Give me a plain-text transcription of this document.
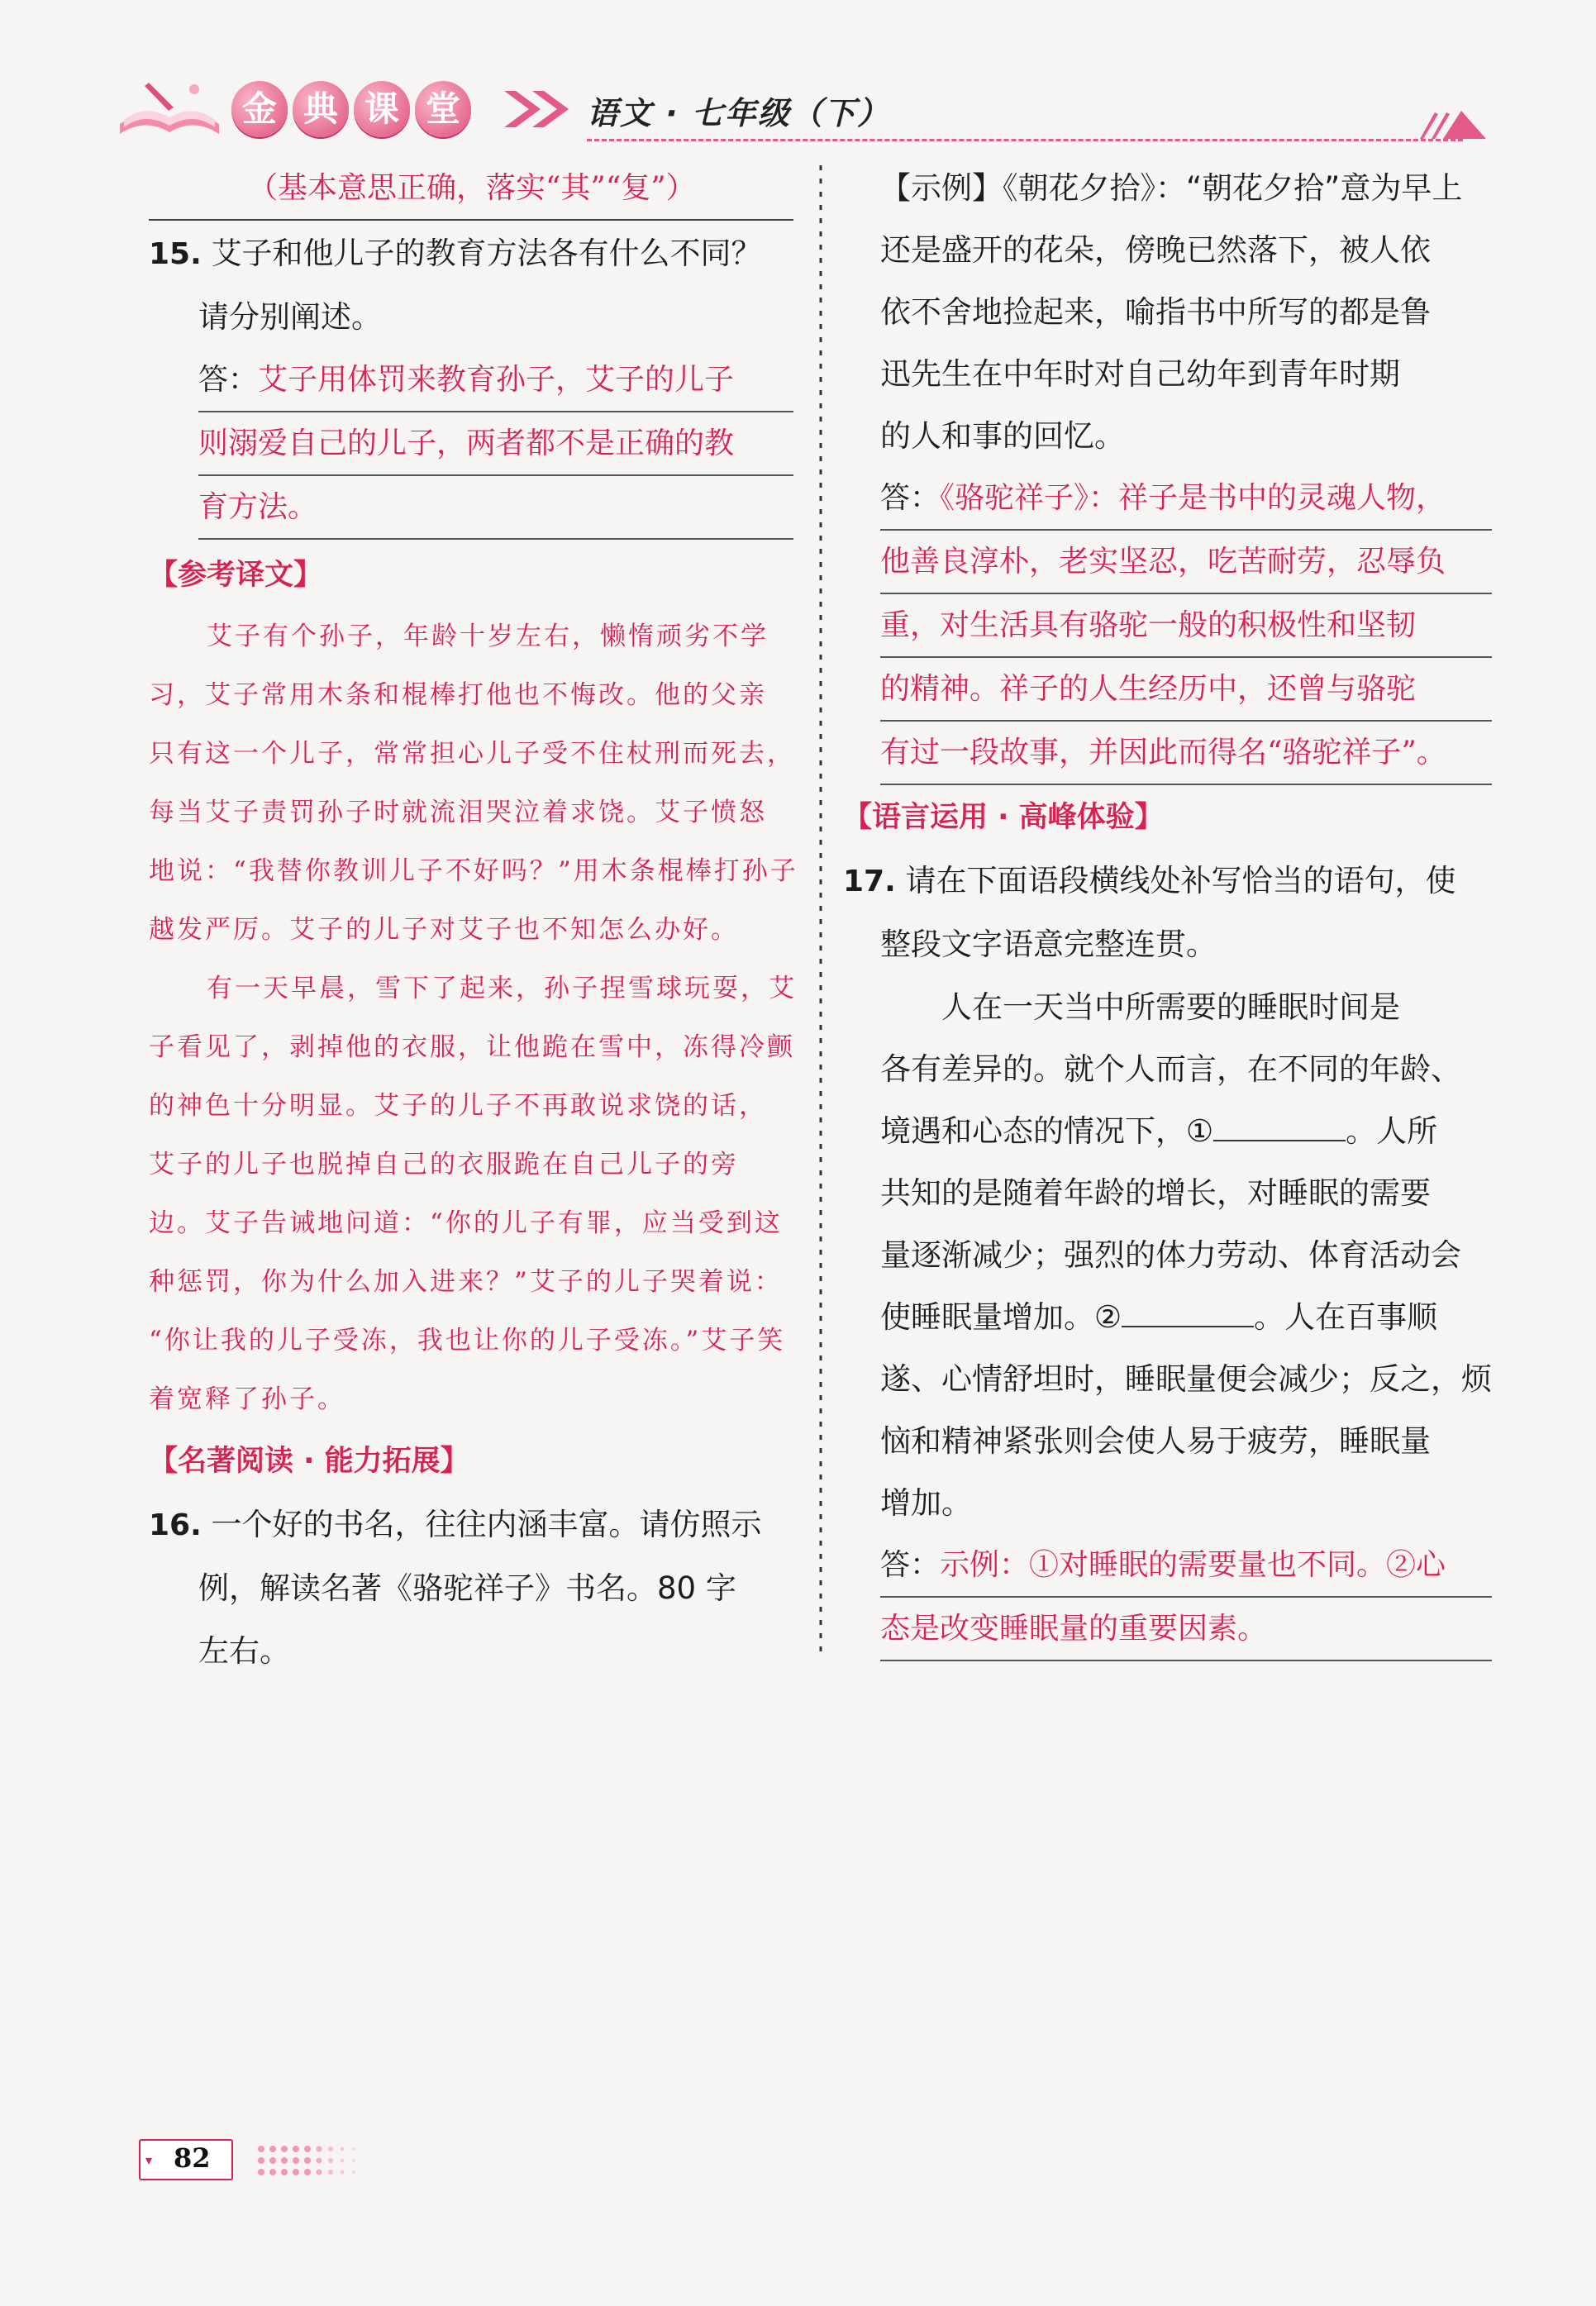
金 典 课 堂	语文 · 七年级（下）
（基本意思正确，落实“其”“复”）
15. 艾子和他儿子的教育方法各有什么不同？
请分别阐述。
答：艾子用体罚来教育孙子，艾子的儿子
则溺爱自己的儿子，两者都不是正确的教
育方法。
【参考译文】
艾子有个孙子，年龄十岁左右，懒惰顽劣不学
习，艾子常用木条和棍棒打他也不悔改。他的父亲
只有这一个儿子，常常担心儿子受不住杖刑而死去，
每当艾子责罚孙子时就流泪哭泣着求饶。艾子愤怒
地说：“我替你教训儿子不好吗？”用木条棍棒打孙子
越发严厉。艾子的儿子对艾子也不知怎么办好。
有一天早晨，雪下了起来，孙子捏雪球玩耍，艾
子看见了，剥掉他的衣服，让他跪在雪中，冻得冷颤
的神色十分明显。艾子的儿子不再敢说求饶的话，
艾子的儿子也脱掉自己的衣服跪在自己儿子的旁
边。艾子告诫地问道：“你的儿子有罪，应当受到这
种惩罚，你为什么加入进来？”艾子的儿子哭着说：
“你让我的儿子受冻，我也让你的儿子受冻。”艾子笑
着宽释了孙子。
【名著阅读 · 能力拓展】
16. 一个好的书名，往往内涵丰富。请仿照示
例，解读名著《骆驼祥子》书名。80 字
左右。
【示例】《朝花夕拾》：“朝花夕拾”意为早上
还是盛开的花朵，傍晚已然落下，被人依
依不舍地捡起来，喻指书中所写的都是鲁
迅先生在中年时对自己幼年到青年时期
的人和事的回忆。
答：《骆驼祥子》：祥子是书中的灵魂人物，
他善良淳朴，老实坚忍，吃苦耐劳，忍辱负
重，对生活具有骆驼一般的积极性和坚韧
的精神。祥子的人生经历中，还曾与骆驼
有过一段故事，并因此而得名“骆驼祥子”。
【语言运用 · 高峰体验】
17. 请在下面语段横线处补写恰当的语句，使
整段文字语意完整连贯。
人在一天当中所需要的睡眠时间是
各有差异的。就个人而言，在不同的年龄、
境遇和心态的情况下，①	。人所
共知的是随着年龄的增长，对睡眠的需要
量逐渐减少；强烈的体力劳动、体育活动会
使睡眠量增加。②	。人在百事顺
遂、心情舒坦时，睡眠量便会减少；反之，烦
恼和精神紧张则会使人易于疲劳，睡眠量
增加。
答：示例：①对睡眠的需要量也不同。②心
态是改变睡眠量的重要因素。
▾ 82
